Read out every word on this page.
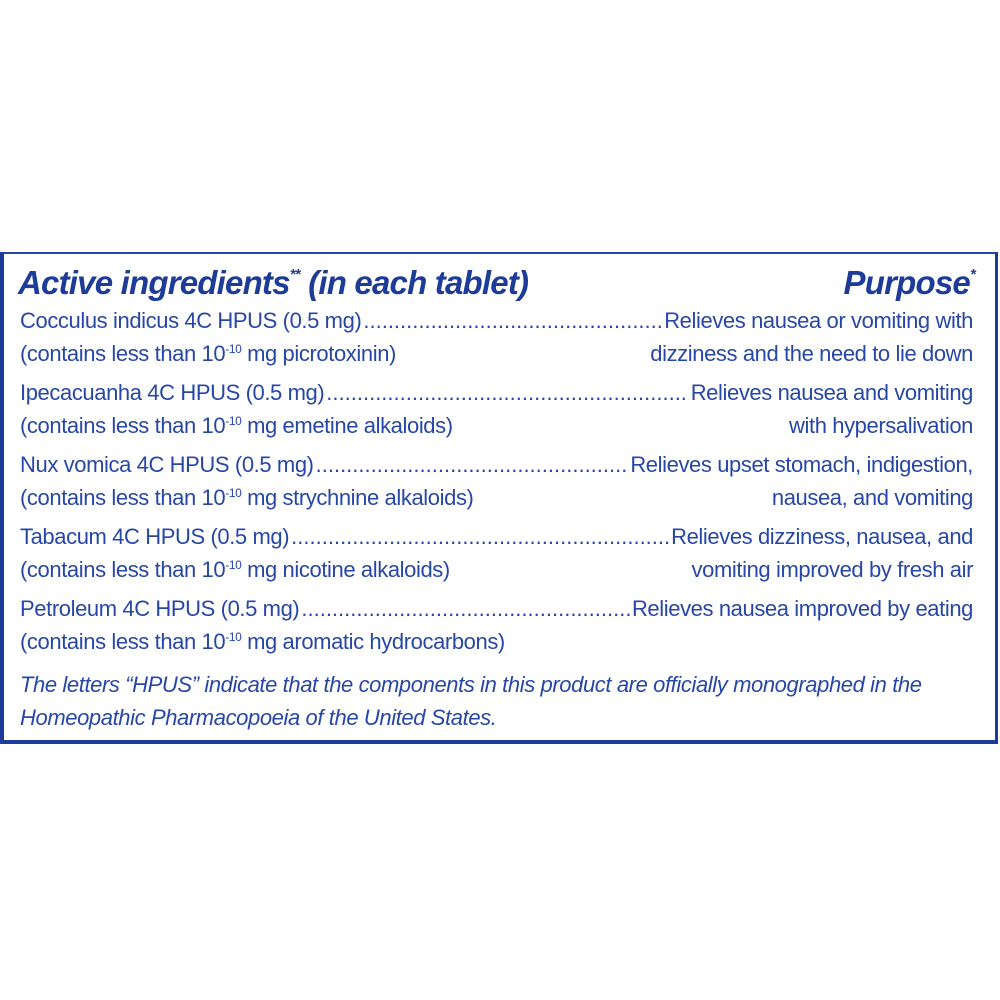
Active ingredients** (in each tablet)	Purpose*
Cocculus indicus 4C HPUS (0.5 mg) .....	Relieves nausea or vomiting with
(contains less than $10^{-10}$ mg picrotoxinin)	dizziness and the need to lie down
Ipecacuanha 4C HPUS (0.5 mg) .....	Relieves nausea and vomiting
(contains less than $10^{-10}$ mg emetine alkaloids)	with hypersalivation
Nux vomica 4C HPUS (0.5 mg) .....	Relieves upset stomach, indigestion,
(contains less than $10^{-10}$ mg strychnine alkaloids)	nausea, and vomiting
Tabacum 4C HPUS (0.5 mg) .....	Relieves dizziness, nausea, and
(contains less than $10^{-10}$ mg nicotine alkaloids)	vomiting improved by fresh air
Petroleum 4C HPUS (0.5 mg) .....	Relieves nausea improved by eating
(contains less than $10^{-10}$ mg aromatic hydrocarbons)
The letters “HPUS” indicate that the components in this product are officially monographed in the Homeopathic Pharmacopoeia of the United States.
